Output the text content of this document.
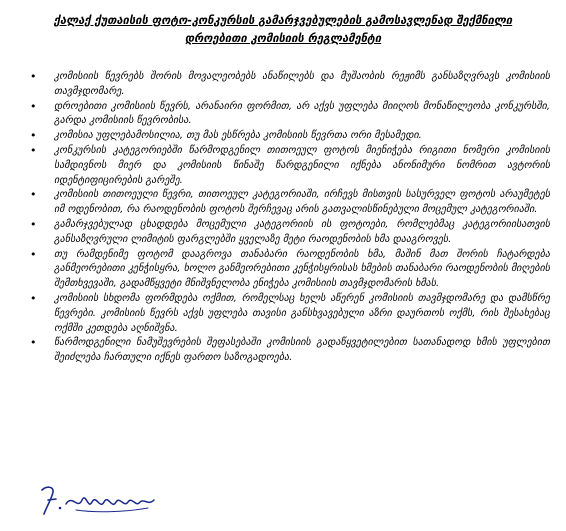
ქალაქ ქუთაისის ფოტო-კონკურსის გამარჯვებულების გამოსავლენად შექმნილი
დროებითი კომისიის რეგლამენტი
• კომისიის წევრებს შორის მოვალეობებს ანაწილებს და მუშაობის რეჟიმს განსაზღვრავს კომისიის თავმჯდომარე.
• დროებითი კომისიის წევრს, არანაირი ფორმით, არ აქვს უფლება მიიღოს მონაწილეობა კონკურსში, გარდა კომისიის წევრობისა.
• კომისია უფლებამოსილია, თუ მას ესწრება კომისიის წევრთა ორი მესამედი.
• კონკურსის კატეგორიებში წარმოდგენილ თითოეულ ფოტოს მიენიჭება რიგითი ნომერი კომისიის სამდივნოს მიერ და კომისიის წინაშე წარდგენილი იქნება ანონიმური ნომრით ავტორის იდენტიფიცირების გარეშე.
• კომისიის თითოეული წევრი, თითოეულ კატეგორიაში, ირჩევს მისთვის სასურველ ფოტოს არაუმეტეს იმ ოდენობით, რა რაოდენობის ფოტოს შერჩევაც არის გათვალისწინებული მოცემულ კატეგორიაში.
• გამარჯვებულად ცხადდება მოცემული კატეგორიის ის ფოტოები, რომლებმაც კატეგორიისათვის განსაზღვრული ლიმიტის ფარგლებში ყველაზე მეტი რაოდენობის ხმა დააგროვეს.
• თუ რამდენიმე ფოტომ დააგროვა თანაბარი რაოდენობის ხმა, მაშინ მათ შორის ჩატარდება განმეორებითი კენჭისყრა, ხოლო განმეორებითი კენჭისყრისას ხმების თანაბარი რაოდენობის მიღების შემთხვევაში, გადამწყვეტი მნიშვნელობა ენიჭება კომისიის თავმჯდომარის ხმას.
• კომისიის სხდომა ფორმდება ოქმით, რომელსაც ხელს აწერენ კომისიის თავმჯდომარე და დამსწრე წევრები. კომისიის წევრს აქვს უფლება თავისი განსხვავებული აზრი დაურთოს ოქმს, რის შესახებაც ოქმში კეთდება აღნიშვნა.
• წარმოდგენილი ნამუშევრების შეფასებაში კომისიის გადაწყვეტილებით სათანადოდ ხმის უფლებით შეიძლება ჩართული იქნეს ფართო საზოგადოება.
